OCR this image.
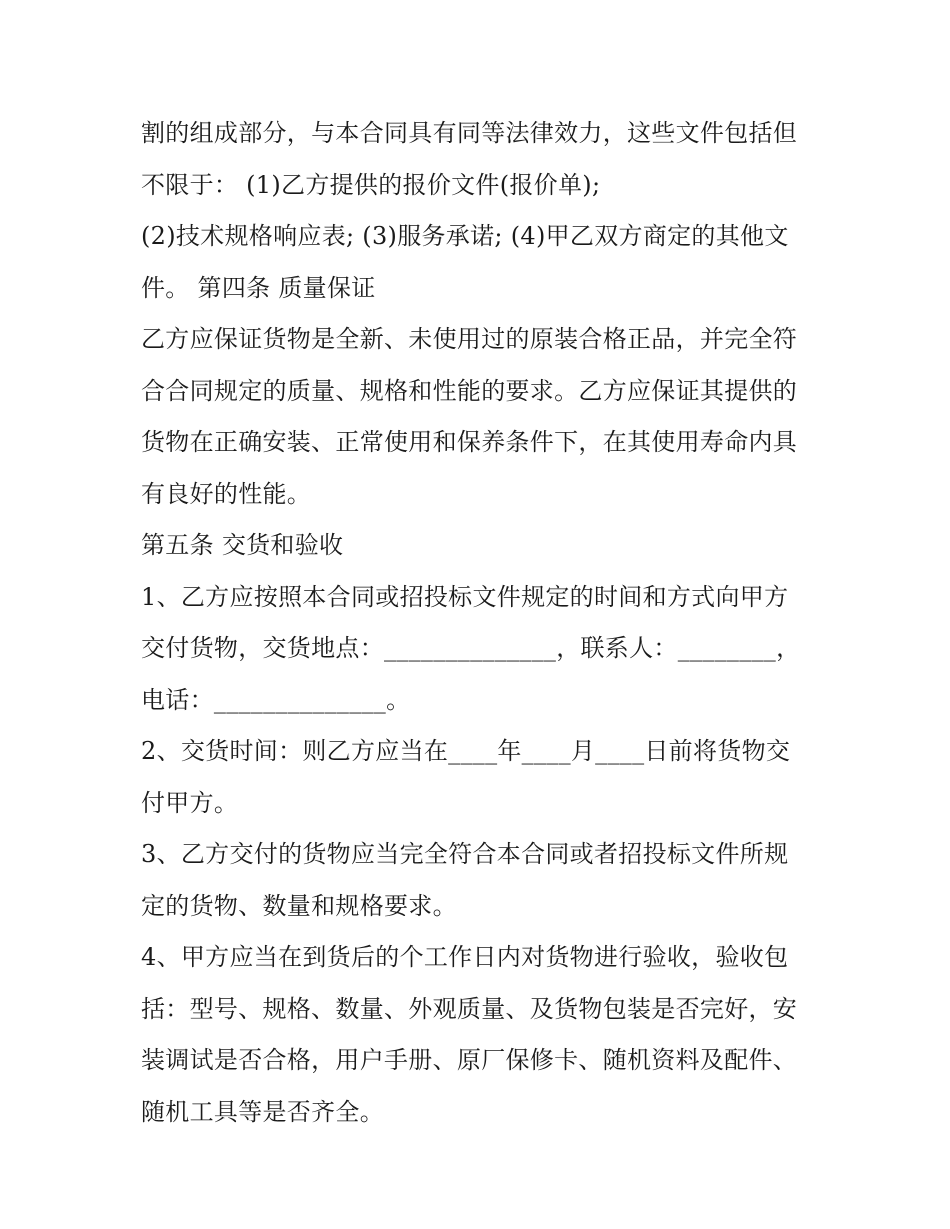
割的组成部分，与本合同具有同等法律效力，这些文件包括但
不限于： (1)乙方提供的报价文件(报价单);
(2)技术规格响应表; (3)服务承诺; (4)甲乙双方商定的其他文
件。 第四条 质量保证
乙方应保证货物是全新、未使用过的原装合格正品，并完全符
合合同规定的质量、规格和性能的要求。乙方应保证其提供的
货物在正确安装、正常使用和保养条件下，在其使用寿命内具
有良好的性能。
第五条 交货和验收
1、乙方应按照本合同或招投标文件规定的时间和方式向甲方
交付货物，交货地点：______________，联系人：________，
电话：______________。
2、交货时间：则乙方应当在____年____月____日前将货物交
付甲方。
3、乙方交付的货物应当完全符合本合同或者招投标文件所规
定的货物、数量和规格要求。
4、甲方应当在到货后的个工作日内对货物进行验收，验收包
括：型号、规格、数量、外观质量、及货物包装是否完好，安
装调试是否合格，用户手册、原厂保修卡、随机资料及配件、
随机工具等是否齐全。
